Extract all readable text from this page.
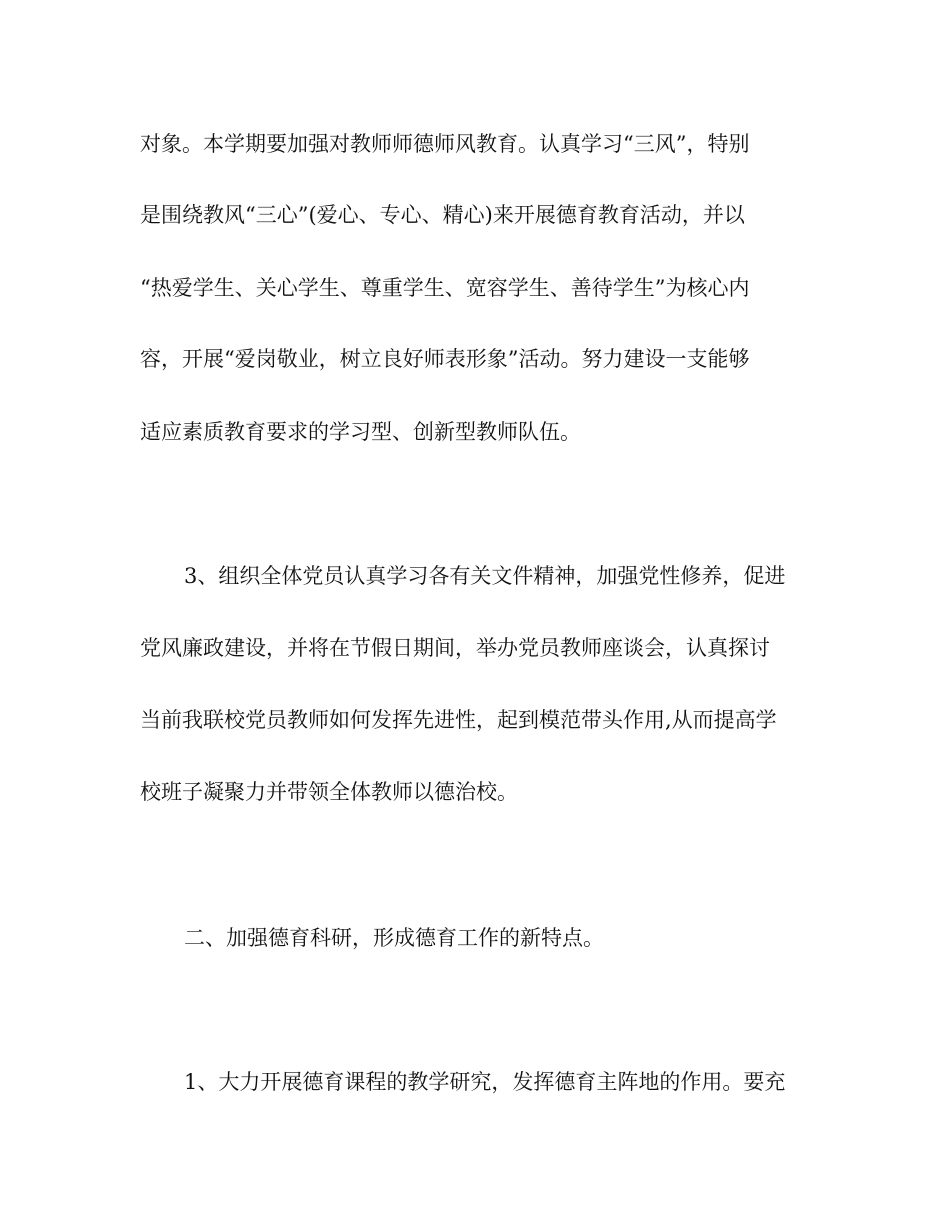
对象。本学期要加强对教师师德师风教育。认真学习“三风”，特别
是围绕教风“三心”(爱心、专心、精心)来开展德育教育活动，并以
“热爱学生、关心学生、尊重学生、宽容学生、善待学生”为核心内
容，开展“爱岗敬业，树立良好师表形象”活动。努力建设一支能够
适应素质教育要求的学习型、创新型教师队伍。
3、组织全体党员认真学习各有关文件精神，加强党性修养，促进
党风廉政建设，并将在节假日期间，举办党员教师座谈会，认真探讨
当前我联校党员教师如何发挥先进性，起到模范带头作用,从而提高学
校班子凝聚力并带领全体教师以德治校。
二、加强德育科研，形成德育工作的新特点。
1、大力开展德育课程的教学研究，发挥德育主阵地的作用。要充
